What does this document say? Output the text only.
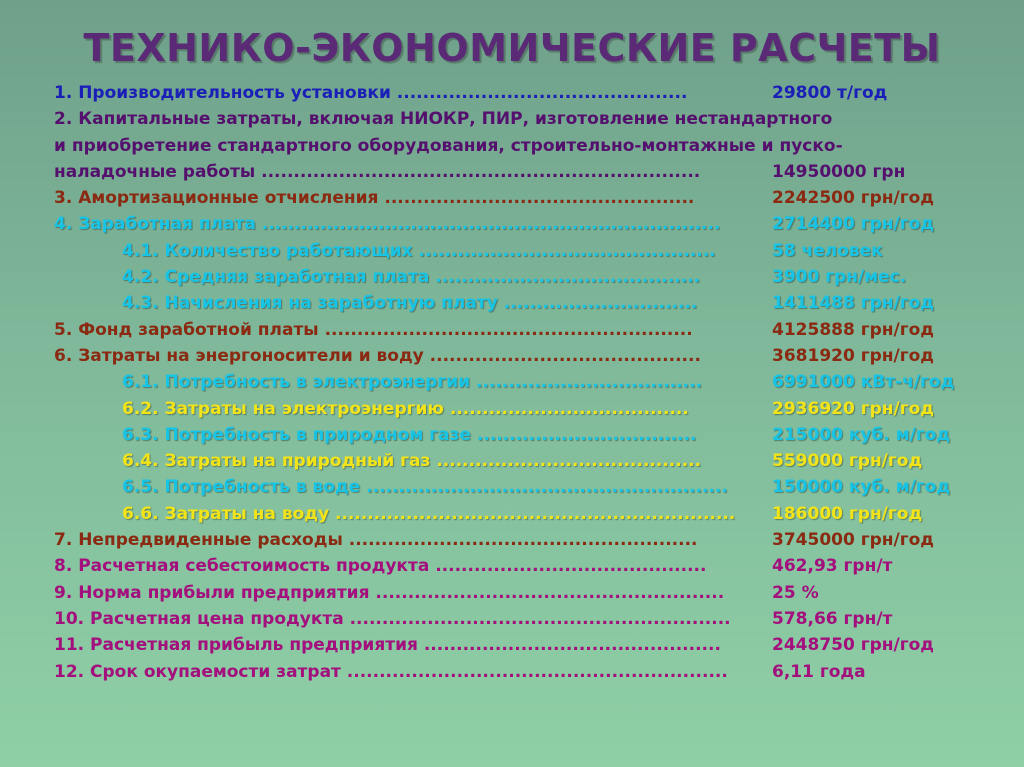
ТЕХНИКО-ЭКОНОМИЧЕСКИЕ РАСЧЕТЫ
1. Производительность установки .............................................	29800 т/год
2. Капитальные затраты, включая НИОКР, ПИР, изготовление нестандартного
и приобретение стандартного оборудования, строительно-монтажные и пуско-
наладочные работы ....................................................................	14950000 грн
3. Амортизационные отчисления ................................................	2242500 грн/год
4. Заработная плата .......................................................................	2714400 грн/год
4.1. Количество работающих ..............................................	58 человек
4.2. Средняя заработная плата .........................................	3900 грн/мес.
4.3. Начисления на заработную плату ..............................	1411488 грн/год
5. Фонд заработной платы .........................................................	4125888 грн/год
6. Затраты на энергоносители и воду ..........................................	3681920 грн/год
6.1. Потребность в электроэнергии ...................................	6991000 кВт-ч/год
6.2. Затраты на электроэнергию .....................................	2936920 грн/год
6.3. Потребность в природном газе ..................................	215000 куб. м/год
6.4. Затраты на природный газ .........................................	559000 грн/год
6.5. Потребность в воде ........................................................	150000 куб. м/год
6.6. Затраты на воду ..............................................................	186000 грн/год
7. Непредвиденные расходы ......................................................	3745000 грн/год
8. Расчетная себестоимость продукта ..........................................	462,93 грн/т
9. Норма прибыли предприятия ......................................................	25 %
10. Расчетная цена продукта ........................................................... 578,66 грн/т
11. Расчетная прибыль предприятия ..............................................	2448750 грн/год
12. Срок окупаемости затрат ...........................................................	6,11 года
